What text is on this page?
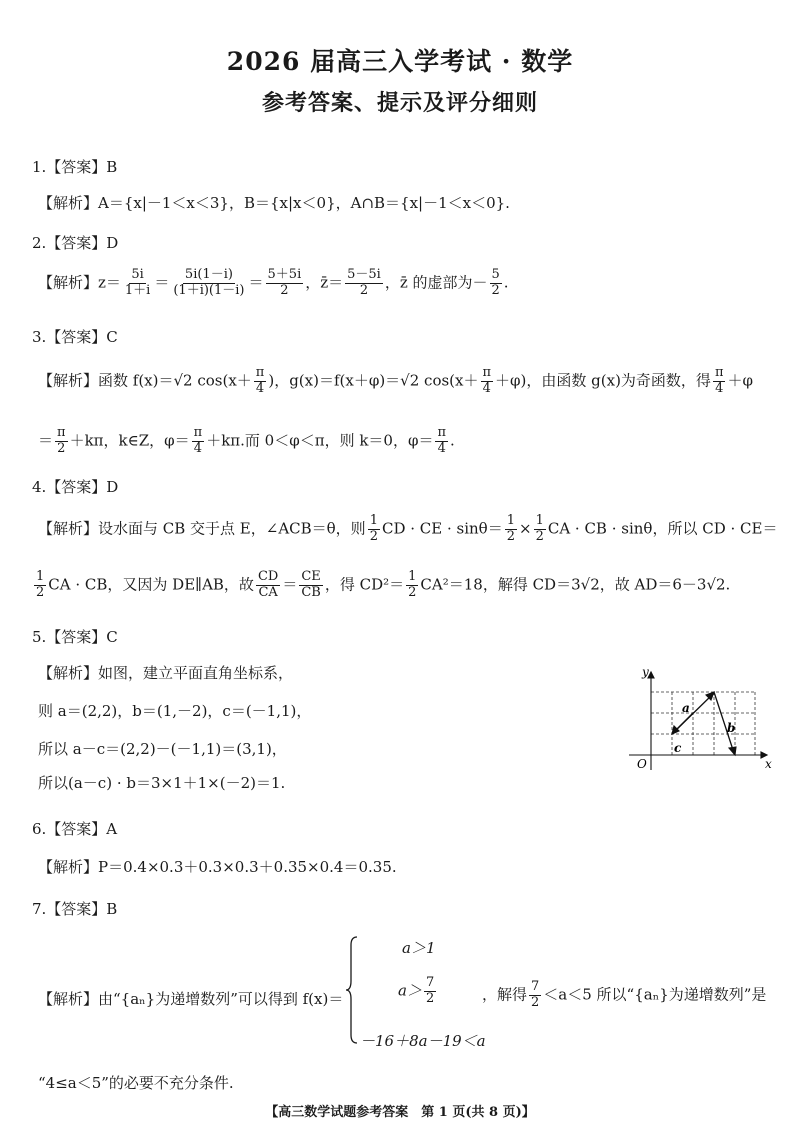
2026 届高三入学考试 · 数学
参考答案、提示及评分细则
1.【答案】B
【解析】A＝{x|－1＜x＜3}，B＝{x|x＜0}，A∩B＝{x|－1＜x＜0}.
2.【答案】D
【解析】$z= \frac{5i}{1+i} = \frac{5i(1-i)}{(1+i)(1-i)} = \frac{5+5i}{2}$ ，z̄＝ $\frac{5-5i}{2}$ ，z̄ 的虚部为－ $\frac{5}{2}$ .
3.【答案】C
【解析】函数 f(x)＝√2 $\cos(x+ \frac{\pi}{4}$ )，g(x)＝f(x＋φ)＝√2 $\cos(x+ \frac{\pi}{4} +\varphi)$，由函数 g(x)为奇函数，得 $\frac{\pi}{4} +\varphi$
＝ $\frac{\pi}{2} +k\pi$，k∈Z，$\varphi= \frac{\pi}{4} +k\pi$.而 0＜φ＜π，则 k＝0，$\varphi= \frac{\pi}{4}$ .
4.【答案】D
【解析】设水面与 CB 交于点 E，∠ACB＝θ，则 $\frac{1}{2}$ CD · CE · $\sin\theta= \frac{1}{2} \times \frac{1}{2}$ CA · CB · sinθ，所以 CD · CE＝
$\frac{1}{2}$ CA · CB，又因为 DE∥AB，故 $\frac{CD}{CA} = \frac{CE}{CB}$ ，得 $CD^2= \frac{1}{2} CA^2=18$，解得 CD＝3√2，故 AD＝6－3√2.
5.【答案】C
【解析】如图，建立平面直角坐标系，
则 a＝(2,2)，b＝(1,－2)，c＝(－1,1)，
所以 a－c＝(2,2)－(－1,1)＝(3,1)，
所以(a－c) · b＝3×1＋1×(－2)＝1.
y
x
O
a
b
c
6.【答案】A
【解析】P＝0.4×0.3＋0.3×0.3＋0.35×0.4＝0.35.
7.【答案】B
【解析】由“{aₙ}为递增数列”可以得到 f(x)＝
a＞1
$a> \frac{7}{2}$
－16＋8a－19＜a
，解得 $\frac{7}{2} <a<5$ 所以“{aₙ}为递增数列”是
“4≤a＜5”的必要不充分条件.
【高三数学试题参考答案　第 1 页(共 8 页)】
